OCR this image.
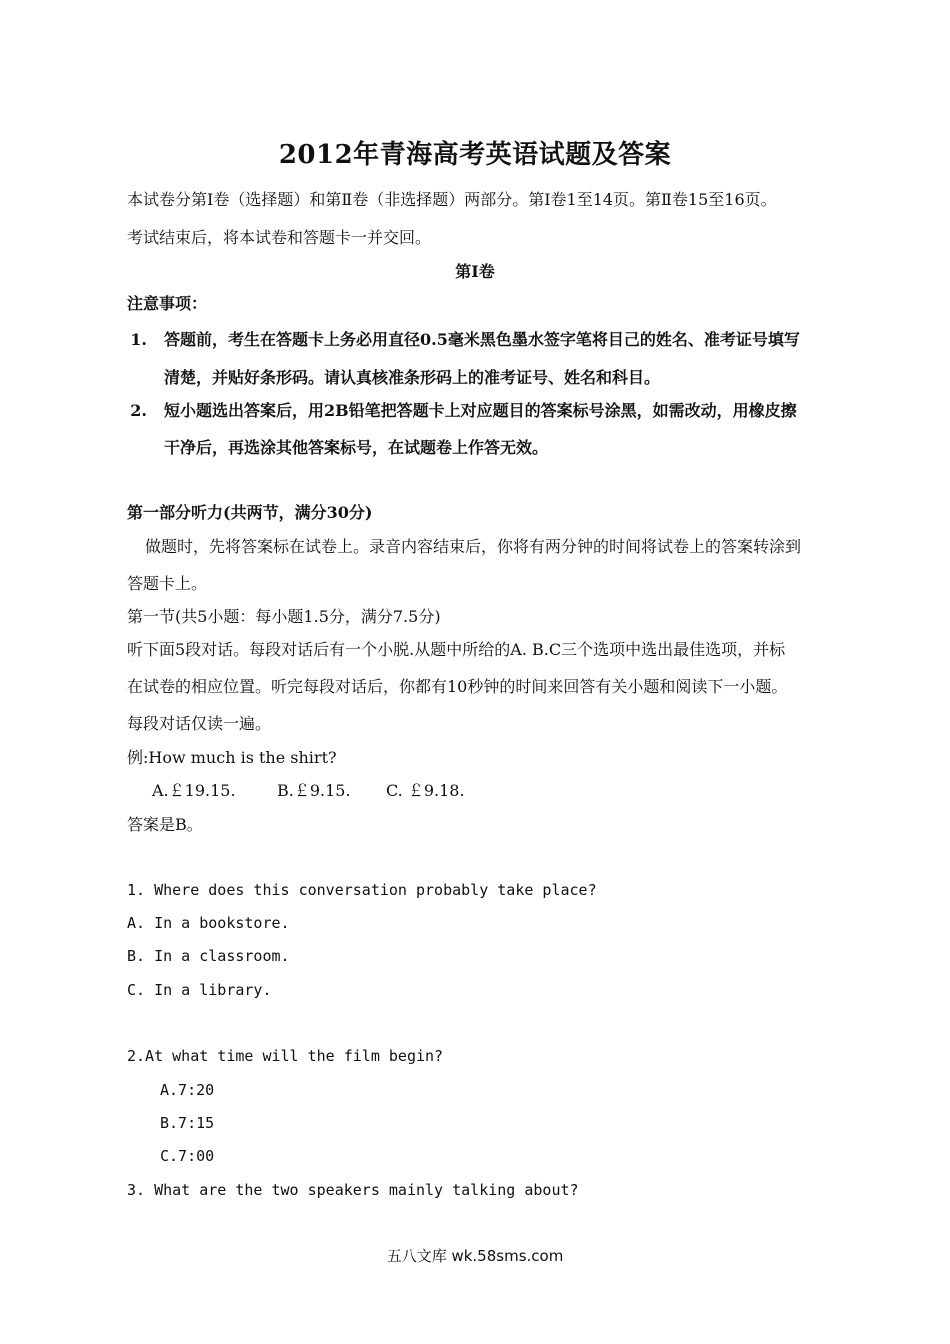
2012年青海高考英语试题及答案
本试卷分第Ⅰ卷（选择题）和第Ⅱ卷（非选择题）两部分。第Ⅰ卷1至14页。第Ⅱ卷15至16页。
考试结束后，将本试卷和答题卡一并交回。
第Ⅰ卷
注意事项：
1. 答题前，考生在答题卡上务必用直径0.5毫米黑色墨水签字笔将目己的姓名、准考证号填写
清楚，并贴好条形码。请认真核准条形码上的准考证号、姓名和科目。
2. 短小题选出答案后，用2B铅笔把答题卡上对应题目的答案标号涂黑，如需改动，用橡皮擦
干净后，再选涂其他答案标号，在试题卷上作答无效。
第一部分听力(共两节，满分30分)
做题时，先将答案标在试卷上。录音内容结束后，你将有两分钟的时间将试卷上的答案转涂到
答题卡上。
第一节(共5小题：每小题1.5分，满分7.5分)
听下面5段对话。每段对话后有一个小脱.从题中所给的A. B.C三个选项中选出最佳选项，并标
在试卷的相应位置。听完每段对话后，你都有10秒钟的时间来回答有关小题和阅读下一小题。
每段对话仅读一遍。
例:How much is the shirt?
A.￡19.15.	B.￡9.15. C. ￡9.18.
答案是B。
1. Where does this conversation probably take place?
A. In a bookstore.
B. In a classroom.
C. In a library.
2.At what time will the film begin?
A.7:20
B.7:15
C.7:00
3. What are the two speakers mainly talking about?
五八文库 wk.58sms.com
